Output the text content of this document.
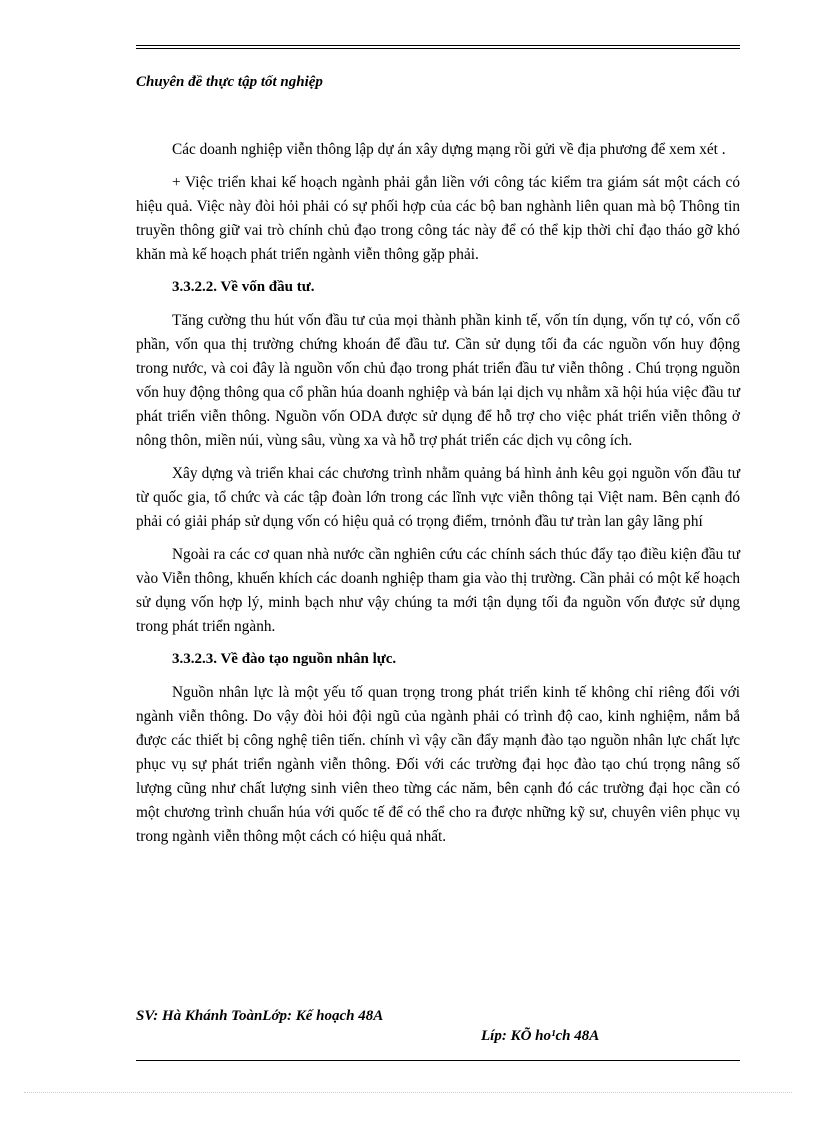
Chuyên đề thực tập tốt nghiệp

Các doanh nghiệp viễn thông lập dự án xây dựng mạng rồi gửi về địa phương để xem xét .

+ Việc triển khai kế hoạch ngành phải gắn liền với công tác kiểm tra giám sát một cách có hiệu quả. Việc này đòi hỏi phải có sự phối hợp của các bộ ban nghành liên quan mà bộ Thông tin truyền thông giữ vai trò chính chủ đạo trong công tác này để có thể kịp thời chỉ đạo tháo gỡ khó khăn mà kế hoạch phát triển ngành viễn thông gặp phải.

3.3.2.2. Về vốn đầu tư.

Tăng cường thu hút vốn đầu tư của mọi thành phần kinh tế, vốn tín dụng, vốn tự có, vốn cổ phần, vốn qua thị trường chứng khoán để đầu tư. Cần sử dụng tối đa các nguồn vốn huy động trong nước, và coi đây là nguồn vốn chủ đạo trong phát triển đầu tư viễn thông . Chú trọng nguồn vốn huy động thông qua cổ phần húa doanh nghiệp và bán lại dịch vụ nhằm xã hội húa việc đầu tư phát triển viễn thông. Nguồn vốn ODA được sử dụng để hỗ trợ cho việc phát triển viễn thông ở nông thôn, miền núi, vùng sâu, vùng xa và hỗ trợ phát triển các dịch vụ công ích.

Xây dựng và triển khai các chương trình nhằm quảng bá hình ảnh kêu gọi nguồn vốn đầu tư từ quốc gia, tổ chức và các tập đoàn lớn trong các lĩnh vực viễn thông tại Việt nam. Bên cạnh đó phải có giải pháp sử dụng vốn có hiệu quả có trọng điểm, trnỏnh đầu tư tràn lan gây lãng phí

Ngoài ra các cơ quan nhà nước cần nghiên cứu các chính sách thúc đẩy tạo điều kiện đầu tư vào Viễn thông, khuến khích các doanh nghiệp tham gia vào thị trường. Cần phải có một kế hoạch sử dụng vốn hợp lý, minh bạch như vậy chúng ta mới tận dụng tối đa nguồn vốn được sử dụng trong phát triển ngành.

3.3.2.3. Về đào tạo nguồn nhân lực.

Nguồn nhân lực là một yếu tố quan trọng trong phát triển kinh tế không chỉ riêng đối với ngành viễn thông. Do vậy đòi hỏi đội ngũ của ngành phải có trình độ cao, kinh nghiệm, nắm bắ được các thiết bị công nghệ tiên tiến. chính vì vậy cần đẩy mạnh đào tạo nguồn nhân lực chất lực phục vụ sự phát triển ngành viễn thông. Đối với các trường đại học đào tạo chú trọng nâng số lượng cũng như chất lượng sinh viên theo từng các năm, bên cạnh đó các trường đại học cần có một chương trình chuẩn húa với quốc tế để có thể cho ra được những kỹ sư, chuyên viên phục vụ trong ngành viễn thông một cách có hiệu quả nhất.

SV: Hà Khánh ToànLớp: Kế hoạch 48A
Líp: KÕ ho¹ch 48A
